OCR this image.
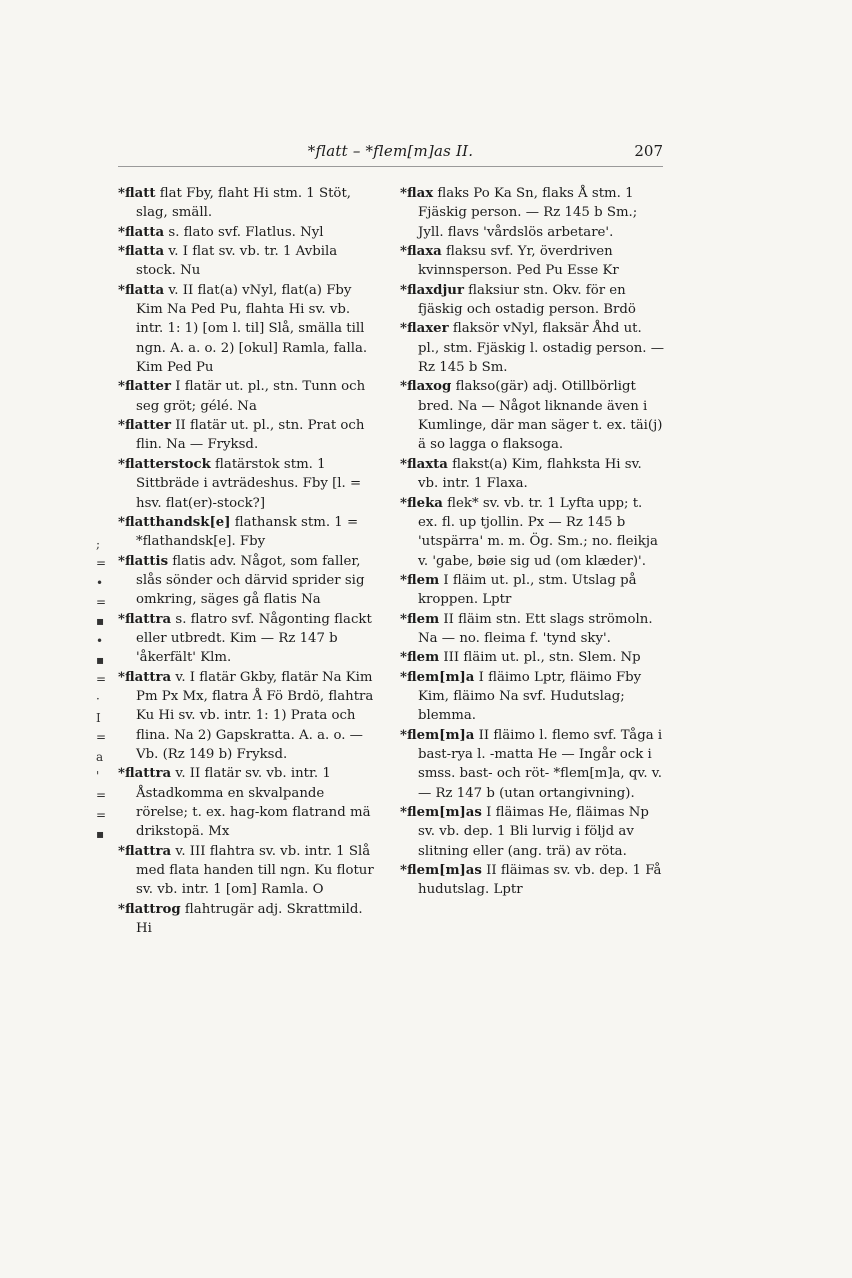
*flatt – *flem[m]as II.	207

*flatt flat Fby, flaht Hi stm. 1 Stöt, slag, smäll.

*flatta s. flato svf. Flatlus. Nyl

*flatta v. I flat sv. vb. tr. 1 Avbila stock. Nu

*flatta v. II flat(a) vNyl, flat(a) Fby Kim Na Ped Pu, flahta Hi sv. vb. intr. 1: 1) [om l. til] Slå, smälla till ngn. A. a. o. 2) [okul] Ramla, falla. Kim Ped Pu

*flatter I flatär ut. pl., stn. Tunn och seg gröt; gélé. Na

*flatter II flatär ut. pl., stn. Prat och flin. Na — Fryksd.

*flatterstock flatärstok stm. 1 Sittbräde i avträdeshus. Fby [l. = hsv. flat(er)-stock?]

*flatthandsk[e] flathansk stm. 1 = *flathandsk[e]. Fby

*flattis flatis adv. Något, som faller, slås sönder och därvid sprider sig omkring, säges gå flatis Na

*flattra s. flatro svf. Någonting flackt eller utbredt. Kim — Rz 147 b 'åkerfält' Klm.

*flattra v. I flatär Gkby, flatär Na Kim Pm Px Mx, flatra Å Fö Brdö, flahtra Ku Hi sv. vb. intr. 1: 1) Prata och flina. Na 2) Gapskratta. A. a. o. — Vb. (Rz 149 b) Fryksd.

*flattra v. II flatär sv. vb. intr. 1 Åstadkomma en skvalpande rörelse; t. ex. hag-kom flatrand mä drikstopä. Mx

*flattra v. III flahtra sv. vb. intr. 1 Slå med flata handen till ngn. Ku flotur sv. vb. intr. 1 [om] Ramla. O

*flattrog flahtrugär adj. Skrattmild. Hi

*flax flaks Po Ka Sn, flaks Å stm. 1 Fjäskig person. — Rz 145 b Sm.; Jyll. flavs 'vårdslös arbetare'.

*flaxa flaksu svf. Yr, överdriven kvinnsperson. Ped Pu Esse Kr

*flaxdjur flaksiur stn. Okv. för en fjäskig och ostadig person. Brdö

*flaxer flaksör vNyl, flaksär Åhd ut. pl., stm. Fjäskig l. ostadig person. — Rz 145 b Sm.

*flaxog flakso(gär) adj. Otillbörligt bred. Na — Något liknande även i Kumlinge, där man säger t. ex. täi(j) ä so lagga o flaksoga.

*flaxta flakst(a) Kim, flahksta Hi sv. vb. intr. 1 Flaxa.

*fleka flek* sv. vb. tr. 1 Lyfta upp; t. ex. fl. up tjollin. Px — Rz 145 b 'utspärra' m. m. Ög. Sm.; no. fleikja v. 'gabe, bøie sig ud (om klæder)'.

*flem I fläim ut. pl., stm. Utslag på kroppen. Lptr

*flem II fläim stn. Ett slags strömoln. Na — no. fleima f. 'tynd sky'.

*flem III fläim ut. pl., stn. Slem. Np

*flem[m]a I fläimo Lptr, fläimo Fby Kim, fläimo Na svf. Hudutslag; blemma.

*flem[m]a II fläimo l. flemo svf. Tåga i bast-rya l. -matta He — Ingår ock i smss. bast- och röt- *flem[m]a, qv. v. — Rz 147 b (utan ortangivning).

*flem[m]as I fläimas He, fläimas Np sv. vb. dep. 1 Bli lurvig i följd av slitning eller (ang. trä) av röta.

*flem[m]as II fläimas sv. vb. dep. 1 Få hudutslag. Lptr

;
=
•
=
▪
•
▪
=
·
I
=
a
'
=
=
▪
